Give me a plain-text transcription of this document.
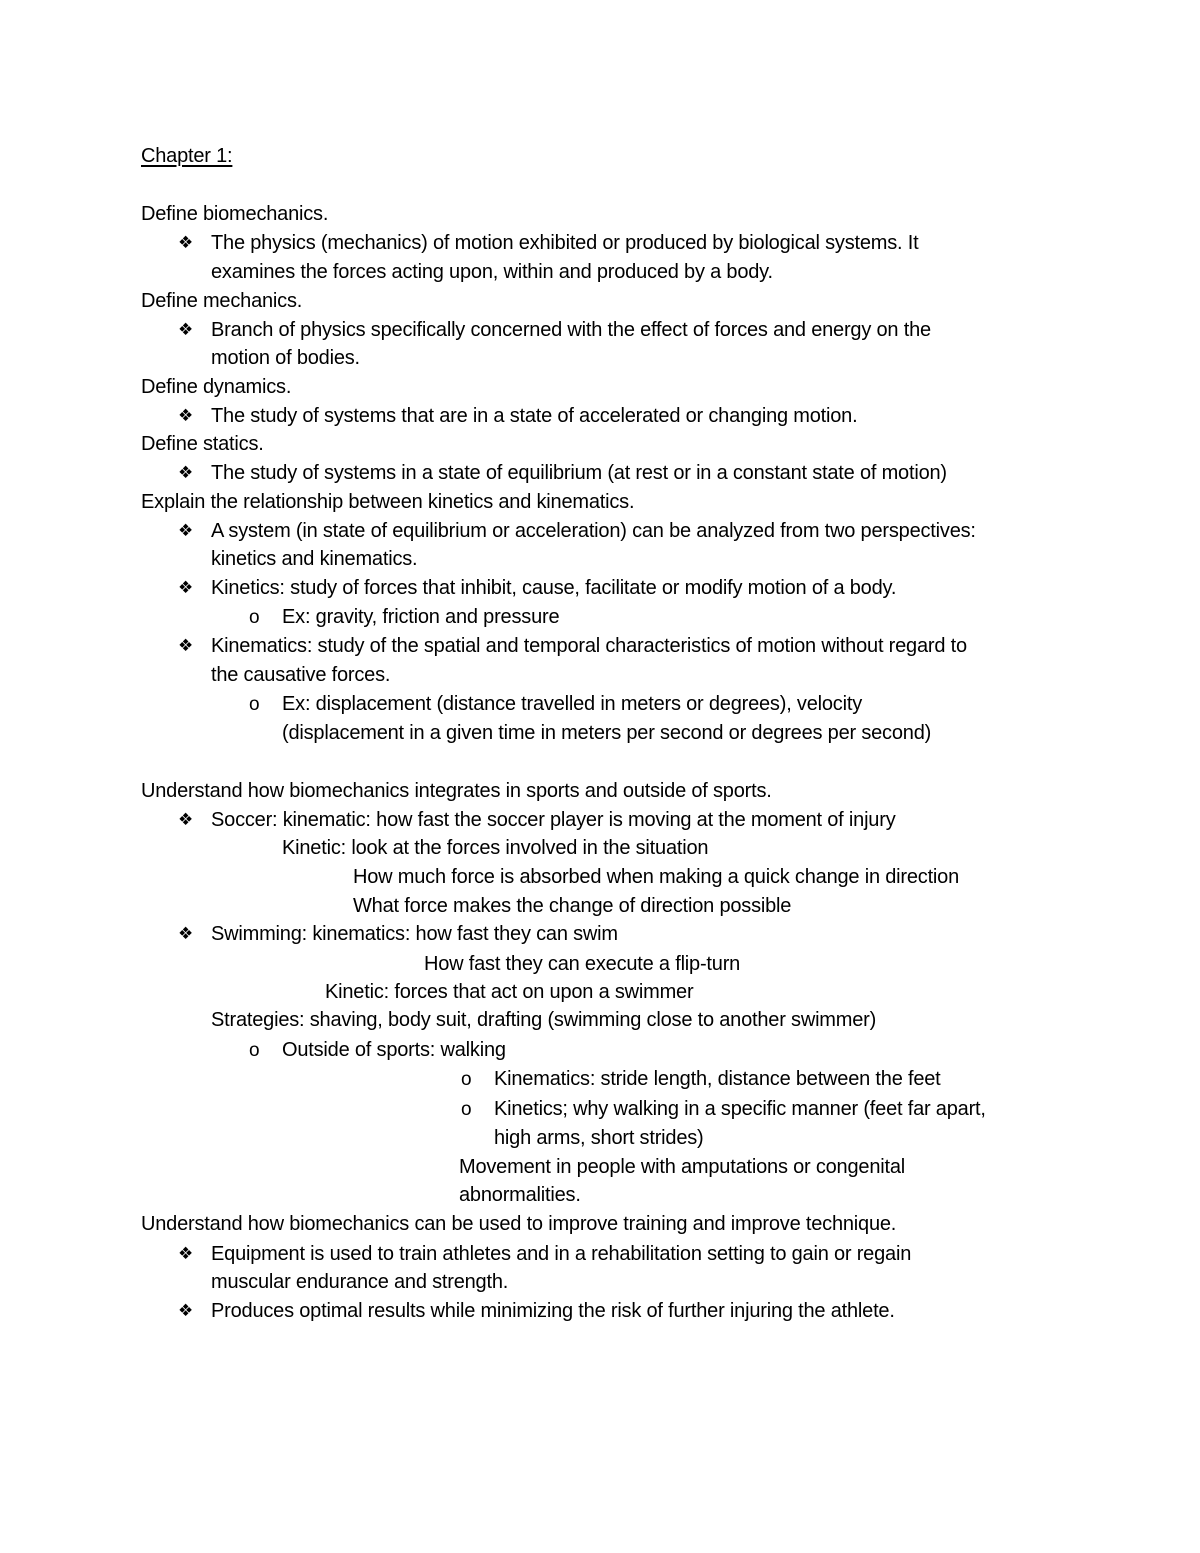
Chapter 1:
Define biomechanics.
❖ The physics (mechanics) of motion exhibited or produced by biological systems. It
examines the forces acting upon, within and produced by a body.
Define mechanics.
❖ Branch of physics specifically concerned with the effect of forces and energy on the
motion of bodies.
Define dynamics.
❖ The study of systems that are in a state of accelerated or changing motion.
Define statics.
❖ The study of systems in a state of equilibrium (at rest or in a constant state of motion)
Explain the relationship between kinetics and kinematics.
❖ A system (in state of equilibrium or acceleration) can be analyzed from two perspectives:
kinetics and kinematics.
❖ Kinetics: study of forces that inhibit, cause, facilitate or modify motion of a body.
o Ex: gravity, friction and pressure
❖ Kinematics: study of the spatial and temporal characteristics of motion without regard to
the causative forces.
o Ex: displacement (distance travelled in meters or degrees), velocity
(displacement in a given time in meters per second or degrees per second)
Understand how biomechanics integrates in sports and outside of sports.
❖ Soccer: kinematic: how fast the soccer player is moving at the moment of injury
Kinetic: look at the forces involved in the situation
How much force is absorbed when making a quick change in direction
What force makes the change of direction possible
❖ Swimming: kinematics: how fast they can swim
How fast they can execute a flip-turn
Kinetic: forces that act on upon a swimmer
Strategies: shaving, body suit, drafting (swimming close to another swimmer)
o Outside of sports: walking
o Kinematics: stride length, distance between the feet
o Kinetics; why walking in a specific manner (feet far apart,
high arms, short strides)
Movement in people with amputations or congenital
abnormalities.
Understand how biomechanics can be used to improve training and improve technique.
❖ Equipment is used to train athletes and in a rehabilitation setting to gain or regain
muscular endurance and strength.
❖ Produces optimal results while minimizing the risk of further injuring the athlete.
